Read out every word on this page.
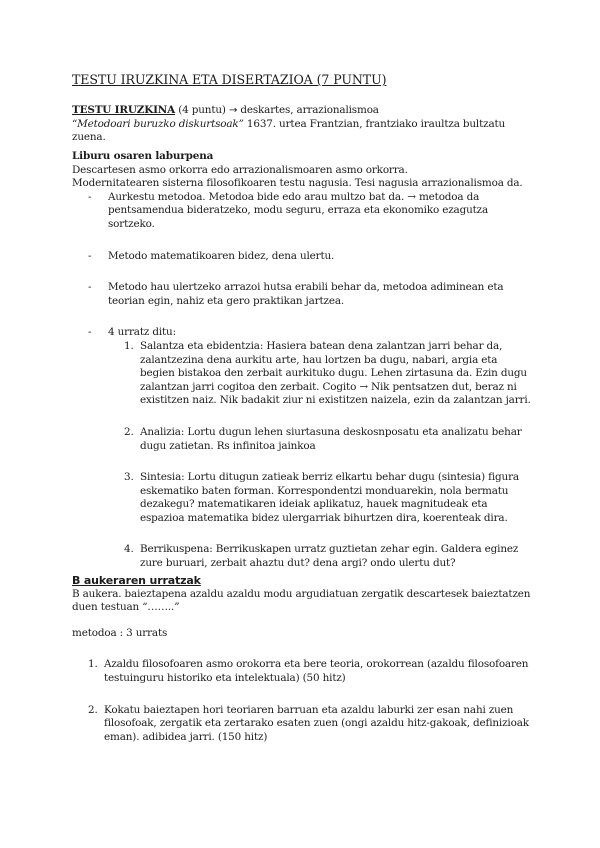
TESTU IRUZKINA ETA DISERTAZIOA (7 PUNTU)

TESTU IRUZKINA (4 puntu) → deskartes, arrazionalismoa

“Metodoari buruzko diskurtsoak” 1637. urtea Frantzian, frantziako iraultza bultzatu zuena.

Liburu osaren laburpena

Descartesen asmo orkorra edo arrazionalismoaren asmo orkorra.

Modernitatearen sisterna filosofikoaren testu nagusia. Tesi nagusia arrazionalismoa da.

- Aurkestu metodoa. Metodoa bide edo arau multzo bat da. → metodoa da pentsamendua bideratzeko, modu seguru, erraza eta ekonomiko ezagutza sortzeko.
- Metodo matematikoaren bidez, dena ulertu.
- Metodo hau ulertzeko arrazoi hutsa erabili behar da, metodoa adiminean eta teorian egin, nahiz eta gero praktikan jartzea.
- 4 urratz ditu:
1. Salantza eta ebidentzia: Hasiera batean dena zalantzan jarri behar da, zalantzezina dena aurkitu arte, hau lortzen ba dugu, nabari, argia eta begien bistakoa den zerbait aurkituko dugu. Lehen zirtasuna da. Ezin dugu zalantzan jarri cogitoa den zerbait. Cogito → Nik pentsatzen dut, beraz ni existitzen naiz. Nik badakit ziur ni existitzen naizela, ezin da zalantzan jarri.
2. Analizia: Lortu dugun lehen siurtasuna deskosnposatu eta analizatu behar dugu zatietan. Rs infinitoa jainkoa
3. Sintesia: Lortu ditugun zatieak berriz elkartu behar dugu (sintesia) figura eskematiko baten forman. Korrespondentzi monduarekin, nola bermatu dezakegu? matematikaren ideiak aplikatuz, hauek magnitudeak eta espazioa matematika bidez ulergarriak bihurtzen dira, koerenteak dira.
4. Berrikuspena: Berrikuskapen urratz guztietan zehar egin. Galdera eginez zure buruari, zerbait ahaztu dut? dena argi? ondo ulertu dut?

B aukeraren urratzak

B aukera. baieztapena azaldu azaldu modu argudiatuan zergatik descartesek baieztatzen duen testuan “……..”

metodoa : 3 urrats

1. Azaldu filosofoaren asmo orokorra eta bere teoria, orokorrean (azaldu filosofoaren testuinguru historiko eta intelektuala) (50 hitz)
2. Kokatu baieztapen hori teoriaren barruan eta azaldu laburki zer esan nahi zuen filosofoak, zergatik eta zertarako esaten zuen (ongi azaldu hitz-gakoak, definizioak eman). adibidea jarri. (150 hitz)
